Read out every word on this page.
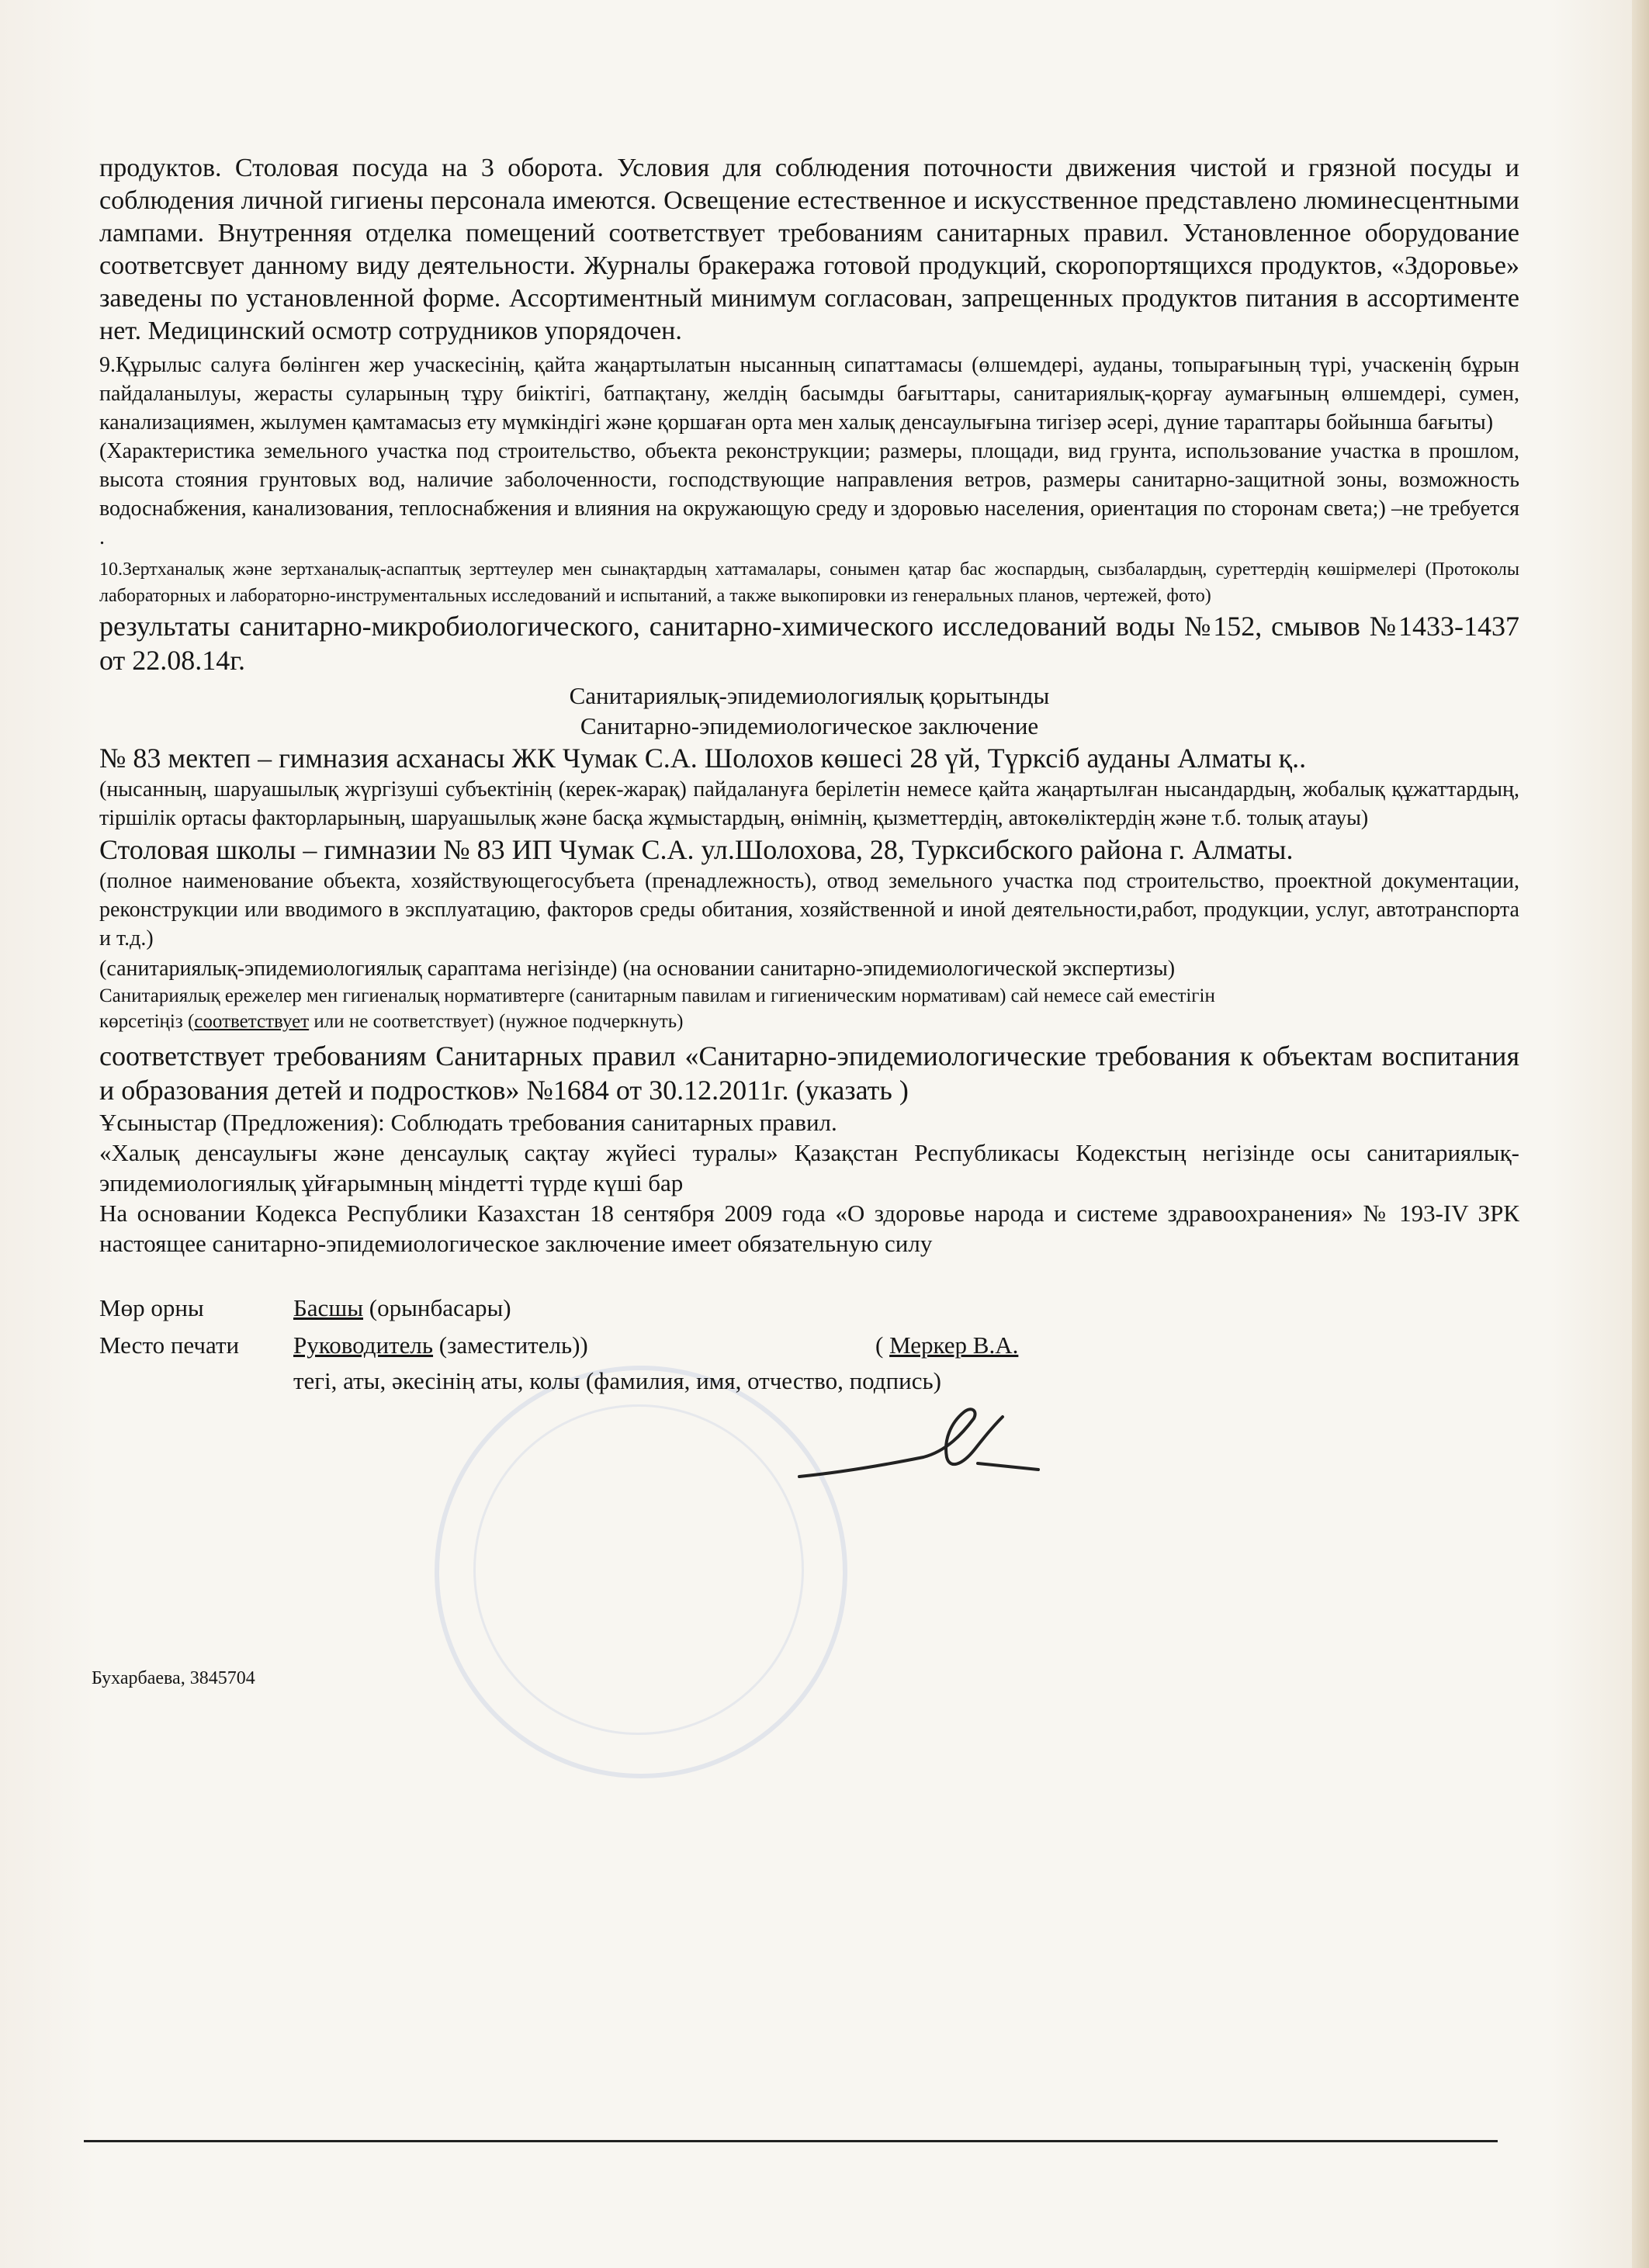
продуктов. Столовая посуда на 3 оборота. Условия для соблюдения поточности движения чистой и грязной посуды и соблюдения личной гигиены персонала имеются. Освещение естественное и искусственное представлено люминесцентными лампами. Внутренняя отделка помещений соответствует требованиям санитарных правил. Установленное оборудование соответсвует данному виду деятельности. Журналы бракеража готовой продукций, скоропортящихся продуктов, «Здоровье» заведены по установленной форме. Ассортиментный минимум согласован, запрещенных продуктов питания в ассортименте нет. Медицинский осмотр сотрудников упорядочен.

9.Құрылыс салуға бөлінген жер учаскесінің, қайта жаңартылатын нысанның сипаттамасы (өлшемдері, ауданы, топырағының түрі, учаскенің бұрын пайдаланылуы, жерасты суларының тұру биіктігі, батпақтану, желдің басымды бағыттары, санитариялық-қорғау аумағының өлшемдері, сумен, канализациямен, жылумен қамтамасыз ету мүмкіндігі және қоршаған орта мен халық денсаулығына тигізер әсері, дүние тараптары бойынша бағыты)

(Характеристика земельного участка под строительство, объекта реконструкции; размеры, площади, вид грунта, использование участка в прошлом, высота стояния грунтовых вод, наличие заболоченности, господствующие направления ветров, размеры санитарно-защитной зоны, возможность водоснабжения, канализования, теплоснабжения и влияния на окружающую среду и здоровью населения, ориентация по сторонам света;) –не требуется .

10.Зертханалық және зертханалық-аспаптық зерттеулер мен сынақтардың хаттамалары, сонымен қатар бас жоспардың, сызбалардың, суреттердің көшірмелері (Протоколы лабораторных и лабораторно-инструментальных исследований и испытаний, а также выкопировки из генеральных планов, чертежей, фото)

результаты санитарно-микробиологического, санитарно-химического исследований воды №152, смывов №1433-1437 от 22.08.14г.

Санитариялық-эпидемиологиялық қорытынды

Санитарно-эпидемиологическое заключение

№ 83 мектеп – гимназия асханасы ЖК Чумак С.А. Шолохов көшесі 28 үй, Түрксіб ауданы Алматы қ..

(нысанның, шаруашылық жүргізуші субъектінің (керек-жарақ) пайдалануға берілетін немесе қайта жаңартылған нысандардың, жобалық құжаттардың, тіршілік ортасы факторларының, шаруашылық және басқа жұмыстардың, өнімнің, қызметтердің, автокөліктердің және т.б. толық атауы)

Столовая школы – гимназии № 83 ИП Чумак С.А. ул.Шолохова, 28, Турксибского района г. Алматы.

(полное наименование объекта, хозяйствующегосубъета (пренадлежность), отвод земельного участка под строительство, проектной документации, реконструкции или вводимого в эксплуатацию, факторов среды обитания, хозяйственной и иной деятельности,работ, продукции, услуг, автотранспорта и т.д.)

(санитариялық-эпидемиологиялық сараптама негізінде) (на основании санитарно-эпидемиологической экспертизы)

Санитариялық ережелер мен гигиеналық нормативтерге (санитарным павилам и гигиеническим нормативам) сай немесе сай еместігін

көрсетіңіз (соответствует или не соответствует) (нужное подчеркнуть)

соответствует требованиям Санитарных правил «Санитарно-эпидемиологические требования к объектам воспитания и образования детей и подростков» №1684 от 30.12.2011г. (указать )

Ұсыныстар (Предложения): Соблюдать требования санитарных правил.

«Халық денсаулығы және денсаулық сақтау жүйесі туралы» Қазақстан Республикасы Кодекстың негізінде осы санитариялық-эпидемиологиялық ұйғарымның міндетті түрде күші бар

На основании Кодекса Республики Казахстан 18 сентября 2009 года «О здоровье народа и системе здравоохранения» № 193-IV ЗРК настоящее санитарно-эпидемиологическое заключение имеет обязательную силу

Мөр орны	Басшы (орынбасары)
Место печати Руководитель (заместитель))	( Меркер В.А.
тегі, аты, әкесінің аты, колы (фамилия, имя, отчество, подпись)
Бухарбаева, 3845704
